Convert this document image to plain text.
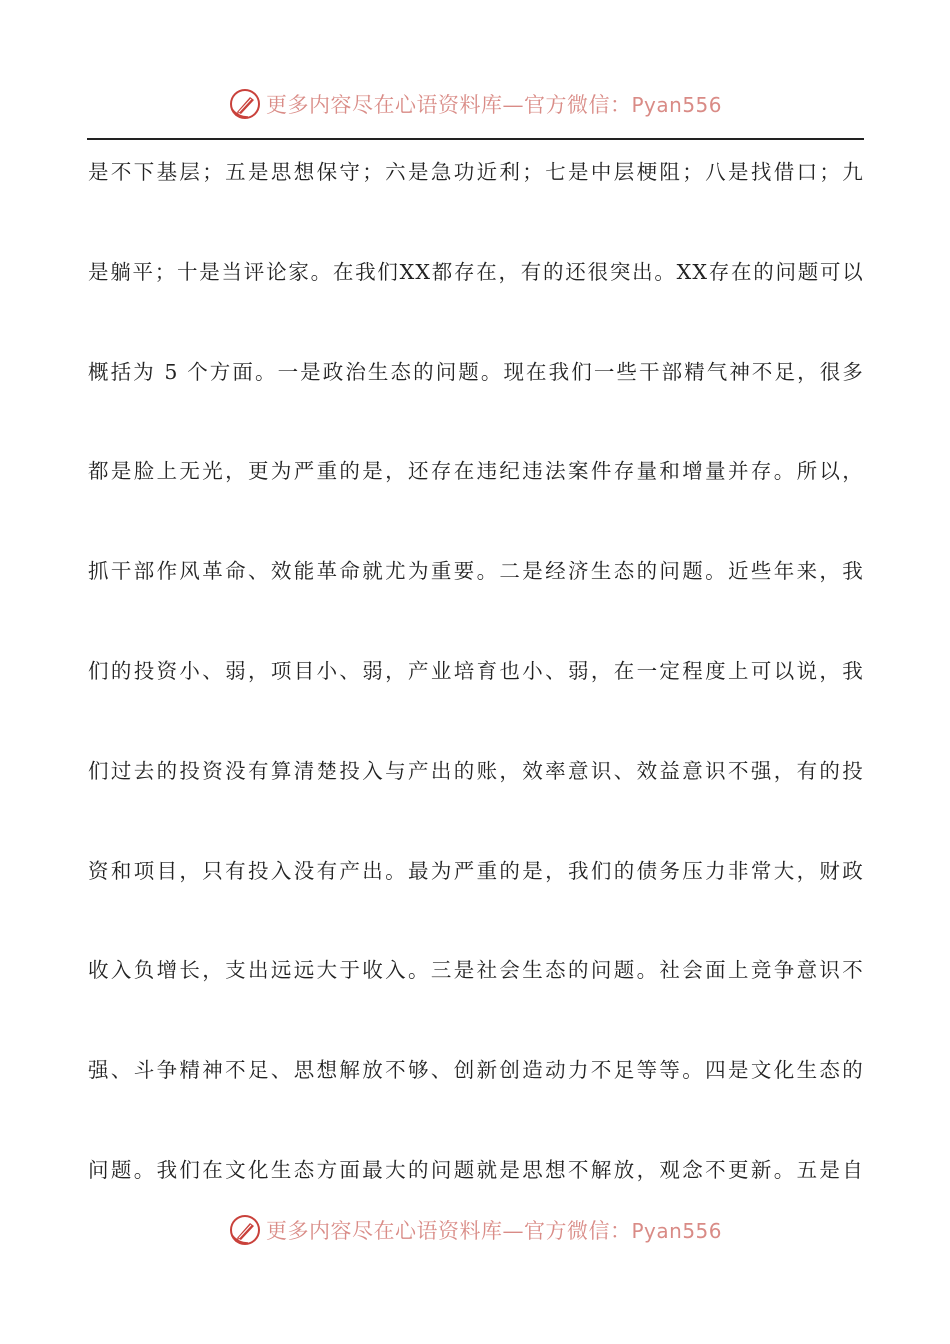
更多内容尽在心语资料库—官方微信：Pyan556
是不下基层；五是思想保守；六是急功近利；七是中层梗阻；八是找借口；九
是躺平；十是当评论家。在我们XX都存在，有的还很突出。XX存在的问题可以
概括为 5 个方面。一是政治生态的问题。现在我们一些干部精气神不足，很多
都是脸上无光，更为严重的是，还存在违纪违法案件存量和增量并存。所以，
抓干部作风革命、效能革命就尤为重要。二是经济生态的问题。近些年来，我
们的投资小、弱，项目小、弱，产业培育也小、弱，在一定程度上可以说，我
们过去的投资没有算清楚投入与产出的账，效率意识、效益意识不强，有的投
资和项目，只有投入没有产出。最为严重的是，我们的债务压力非常大，财政
收入负增长，支出远远大于收入。三是社会生态的问题。社会面上竞争意识不
强、斗争精神不足、思想解放不够、创新创造动力不足等等。四是文化生态的
问题。我们在文化生态方面最大的问题就是思想不解放，观念不更新。五是自
更多内容尽在心语资料库—官方微信：Pyan556
